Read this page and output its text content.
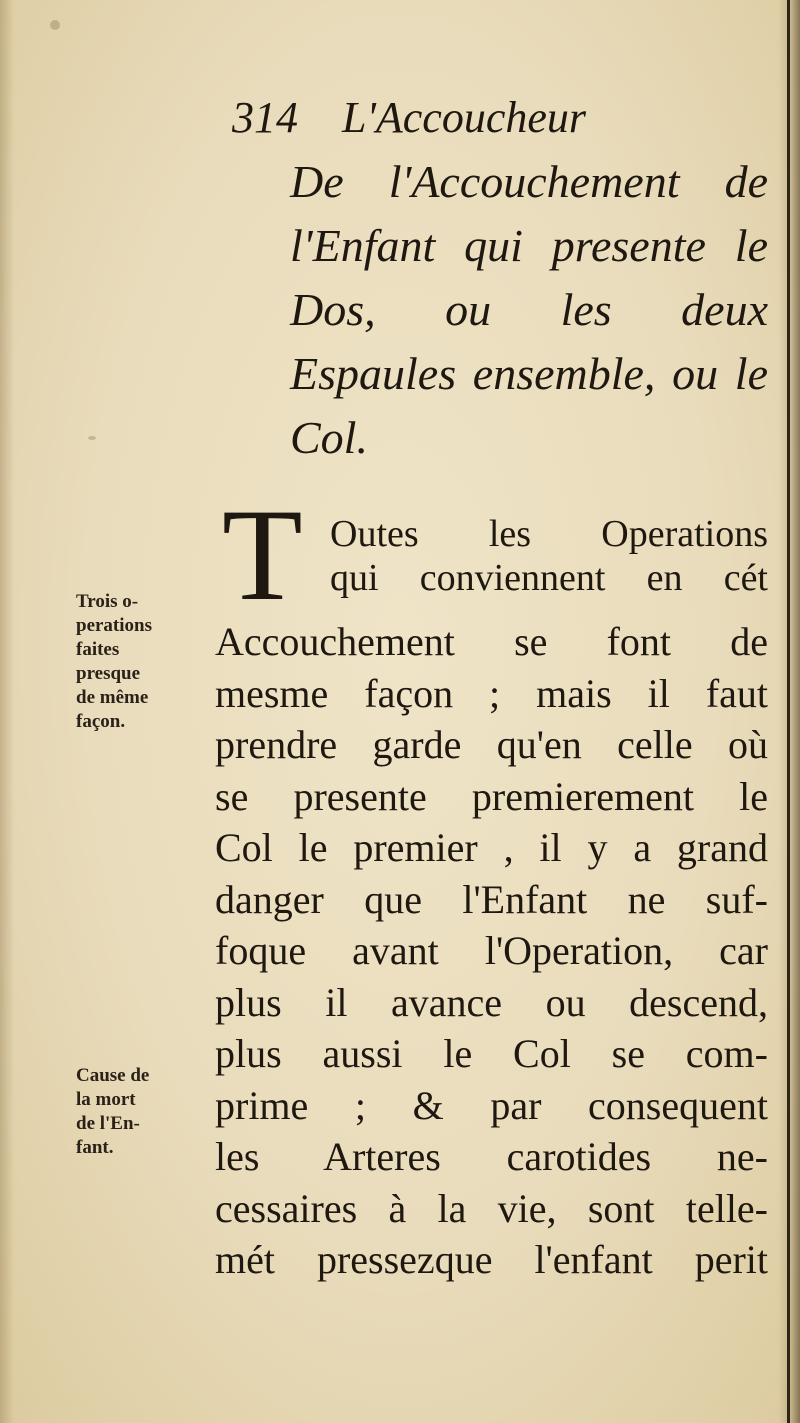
314 L'Accoucheur
De l'Accouchement de l'Enfant qui presente le Dos, ou les deux Espaules ensemble, ou le Col.
T Outes les Operations
qui conviennent en cét
Accouchement se font de
mesme façon ; mais il faut
prendre garde qu'en celle où
se presente premierement le
Col le premier , il y a grand
danger que l'Enfant ne suf-
foque avant l'Operation, car
plus il avance ou descend,
plus aussi le Col se com-
prime ; & par consequent
les Arteres carotides ne-
cessaires à la vie, sont telle-
mét pressezque l'enfant perit
Trois o-
perations
faites
presque
de même
façon.
Cause de
la mort
de l'En-
fant.
